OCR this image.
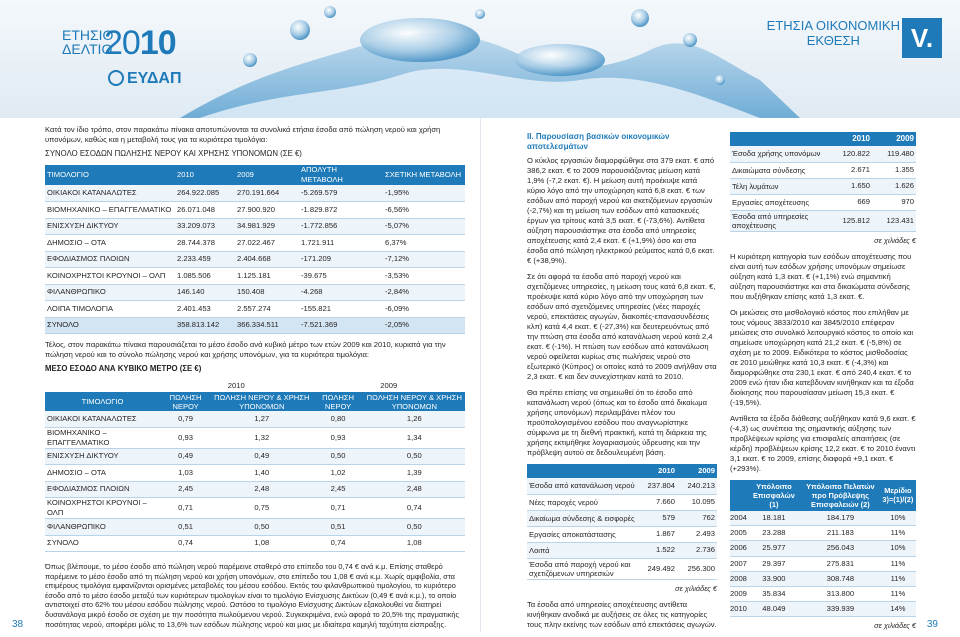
ΕΤΗΣΙΟ
ΔΕΛΤΙΟ
2010
ΕΥΔΑΠ
ΕΤΗΣΙΑ ΟΙΚΟΝΟΜΙΚΗ
ΕΚΘΕΣΗ	V.
Κατά τον ίδιο τρόπο, στον παρακάτω πίνακα αποτυπώνονται τα συνολικά ετήσια έσοδα από πώληση νερού και χρήση υπονόμων, καθώς και η μεταβολή τους για τα κυριότερα τιμολόγια:
ΣΥΝΟΛΟ ΕΣΟΔΩΝ ΠΩΛΗΣΗΣ ΝΕΡΟΥ ΚΑΙ ΧΡΗΣΗΣ ΥΠΟΝΟΜΩΝ (ΣΕ €)
ΤΙΜΟΛΟΓΙΟ	2010	2009	ΑΠΟΛΥΤΗ ΜΕΤΑΒΟΛΗ	ΣΧΕΤΙΚΗ ΜΕΤΑΒΟΛΗ
ΟΙΚΙΑΚΟΙ ΚΑΤΑΝΑΛΩΤΕΣ	264.922.085	270.191.664	-5.269.579	-1,95%
ΒΙΟΜΗΧΑΝΙΚΟ – ΕΠΑΓΓΕΛΜΑΤΙΚΟ	26.071.048	27.900.920	-1.829.872	-6,56%
ΕΝΙΣΧΥΣΗ ΔΙΚΤΥΟΥ	33.209.073	34.981.929	-1.772.856	-5,07%
ΔΗΜΟΣΙΟ – ΟΤΑ	28.744.378	27.022.467	1.721.911	6,37%
ΕΦΟΔΙΑΣΜΟΣ ΠΛΟΙΩΝ	2.233.459	2.404.668	-171.209	-7,12%
ΚΟΙΝΟΧΡΗΣΤΟΙ ΚΡΟΥΝΟΙ – ΟΛΠ	1.085.506	1.125.181	-39.675	-3,53%
ΦΙΛΑΝΘΡΩΠΙΚΟ	146.140	150.408	-4.268	-2,84%
ΛΟΙΠΑ ΤΙΜΟΛΟΓΙΑ	2.401.453	2.557.274	-155.821	-6,09%
ΣΥΝΟΛΟ	358.813.142	366.334.511	-7.521.369	-2,05%
Τέλος, στον παρακάτω πίνακα παρουσιάζεται το μέσο έσοδο ανά κυβικό μέτρο των ετών 2009 και 2010, κυριατά για την πώληση νερού και το σύνολο πώλησης νερού και χρήσης υπονόμων, για τα κυριότερα τιμολόγια:
ΜΕΣΟ ΕΣΟΔΟ ΑΝΑ ΚΥΒΙΚΟ ΜΕΤΡΟ (ΣΕ €)
	2010		2009	
ΤΙΜΟΛΟΓΙΟ	ΠΩΛΗΣΗ ΝΕΡΟΥ	ΠΩΛΗΣΗ ΝΕΡΟΥ & ΧΡΗΣΗ ΥΠΟΝΟΜΩΝ	ΠΩΛΗΣΗ ΝΕΡΟΥ	ΠΩΛΗΣΗ ΝΕΡΟΥ & ΧΡΗΣΗ ΥΠΟΝΟΜΩΝ
ΟΙΚΙΑΚΟΙ ΚΑΤΑΝΑΛΩΤΕΣ	0,79	1,27	0,80	1,26
ΒΙΟΜΗΧΑΝΙΚΟ – ΕΠΑΓΓΕΛΜΑΤΙΚΟ	0,93	1,32	0,93	1,34
ΕΝΙΣΧΥΣΗ ΔΙΚΤΥΟΥ	0,49	0,49	0,50	0,50
ΔΗΜΟΣΙΟ – ΟΤΑ	1,03	1,40	1,02	1,39
ΕΦΟΔΙΑΣΜΟΣ ΠΛΟΙΩΝ	2,45	2,48	2,45	2,48
ΚΟΙΝΟΧΡΗΣΤΟΙ ΚΡΟΥΝΟΙ – ΟΛΠ	0,71	0,75	0,71	0,74
ΦΙΛΑΝΘΡΩΠΙΚΟ	0,51	0,50	0,51	0,50
ΣΥΝΟΛΟ	0,74	1,08	0,74	1,08
Όπως βλέπουμε, το μέσο έσοδο από πώληση νερού παρέμεινε σταθερό στο επίπεδο του 0,74 € ανά κ.μ. Επίσης σταθερό παρέμεινε το μέσο έσοδο από τη πώληση νερού και χρήση υπονόμων, στο επίπεδο του 1,08 € ανά κ.μ. Χωρίς αμφιβολία, στα επιμέρους τιμολόγια εμφανίζονται ορισμένες μεταβολές του μέσου εσόδου. Εκτός του φιλανθρωπικού τιμολογίου, το κυριότερο έσοδο από το μέσο έσοδο μεταξύ των κυριότερων τιμολογίων είναι το τιμολόγιο Ενίσχυσης Δικτύων (0,49 € ανά κ.μ.), το οποίο αντιστοιχεί στο 62% του μέσου εσόδου πώλησης νερού. Ωστόσο το τιμολόγιο Ενίσχυσης Δικτύων εξακολουθεί να διατηρεί δυσανάλογα μικρό έσοδο σε σχέση με την ποσότητα πωλούμενου νερού. Συγκεκριμένα, ενώ αφορά το 20,5% της πραγματικής ποσότητας νερού, αποφέρει μόλις το 13,6% των εσόδων πώλησης νερού και μιας με ιδιαίτερα καμηλή ταχύτητα είσπραξης.
ΙΙ. Παρουσίαση βασικών οικονομικών αποτελεσμάτων

Ο κύκλος εργασιών διαμορφώθηκε στα 379 εκατ. € από 386,2 εκατ. € το 2009 παρουσιάζοντας μείωση κατά 1,9% (-7,2 εκατ. €). Η μείωση αυτή προέκυψε κατά κύριο λόγο από την υποχώρηση κατά 6,8 εκατ. € των εσόδων από παροχή νερού και σκετιζόμενων εργασιών (-2,7%) και τη μείωση των εσόδων από κατασκευές έργων για τρίτους κατά 3,5 εκατ. € (-73,6%). Αντίθετα αύξηση παρουσιάστηκε στα έσοδα από υπηρεσίες αποχέτευσης κατά 2,4 εκατ. € (+1,9%) όσο και στα έσοδα από πώληση ηλεκτρικού ρεύματος κατά 0,6 εκατ. € (+38,9%).

Σε ότι αφορά τα έσοδα από παροχή νερού και σχετιζόμενες υπηρεσίες, η μείωση τους κατά 6,8 εκατ. €, προέκυψε κατά κύριο λόγο από την υποχώρηση των εσόδων από σχετιζόμενες υπηρεσίες (νέες παροχές νερού, επεκτάσεις αγωγών, διακοπές-επανασυνδέσεις κλπ) κατά 4,4 εκατ. € (-27,3%) και δευτερευόντως από την πτώση στα έσοδα από κατανάλωση νερού κατά 2,4 εκατ. € (-1%). Η πτώση των εσόδων από κατανάλωση νερού οφείλεται κυρίως στις πωλήσεις νερού στο εξωτερικό (Κύπρος) οι οποίες κατά το 2009 ανήλθαν στα 2,3 εκατ. € και δεν συνεχίστηκαν κατά το 2010.

Θα πρέπει επίσης να σημειωθεί ότι το έσοδο από κατανάλωση νερού (όπως και το έσοδο από δικαίωμα χρήσης υπονόμων) περιλαμβάνει πλέον του προϋπολογισμένου εσόδου που αναγνωρίστηκε σύμφωνα με τη διεθνή πρακτική, κατά τη διάρκεια της χρήσης εκτιμήθηκε λογαριασμούς ύδρευσης και την πρόβλεψη αυτού σε δεδουλευμένη βάση.

	2010	2009
Έσοδα από κατανάλωση νερού	237.804	240.213
Νέες παροχές νερού	7.660	10.095
Δικαίωμα σύνδεσης & εισφορές	579	762
Εργασίες αποκατάστασης	1.867	2.493
Λοιπά	1.522	2.736
Έσοδα από παροχή νερού και σχετιζόμενων υπηρεσιών	249.492	256.300
σε χιλιάδες €

Τα έσοδα από υπηρεσίες αποχέτευσης αντίθετα κινήθηκαν ανοδικά με αυξήσεις σε όλες τις κατηγορίες τους πλην εκείνης των εσόδων από επεκτάσεις αγωγών.

	2010	2009
Έσοδα χρήσης υπονόμων	120.822	119.480
Δικαιώματα σύνδεσης	2.671	1.355
Τέλη λυμάτων	1.650	1.626
Εργασίες αποχέτευσης	669	970
Έσοδα από υπηρεσίες αποχέτευσης	125.812	123.431
σε χιλιάδες €

Η κυριότερη κατηγορία των εσόδων αποχέτευσης που είναι αυτή των εσόδων χρήσης υπονόμων σημείωσε αύξηση κατά 1,3 εκατ. € (+1,1%) ενώ σημαντική αύξηση παρουσιάστηκε και στα δικαιώματα σύνδεσης που αυξήθηκαν επίσης κατά 1,3 εκατ. €.

Οι μειώσεις στο μισθολογικό κόστος που επιλήθαν με τους νόμους 3833/2010 και 3845/2010 επέφεραν μειώσεις στο συνολικό λειτουργικό κόστος το οποίο και σημείωσε υποχώρηση κατά 21,2 εκατ. € (-5,8%) σε σχέση με το 2009. Ειδικότερα το κόστος μισθοδοσίας σε 2010 μειώθηκε κατά 10,3 εκατ. € (-4,3%) και διαμορφώθηκε στα 230,1 εκατ. € από 240,4 εκατ. € το 2009 ενώ ήταν ιδια κατεβδυναν κινήθηκαν και τα έξοδα διοίκησης που παρουσίασαν μείωση 15,3 εκατ. € (-19,5%).

Αντίθετα τα έξοδα διάθεσης αυξήθηκαν κατά 9,6 εκατ. € (-4,3) ως συνέπεια της σημαντικής αύξησης των προβλέψεων κρίσης για επισφαλείς απαιτήσεις (σε κέρδη) προβλέψεων κρίσης 12,2 εκατ. € το 2010 έναντι 3,1 εκατ. € το 2009, επίσης διαφορά +9,1 εκατ. € (+293%).

	Υπόλοιπο Επισφαλών (1)	Υπόλοιπο Πελατών προ Πρόβλεψης Επισφαλειών (2)	Μερίδιο 3)=(1)/(2)
2004	18.181	184.179	10%
2005	23.288	211.183	11%
2006	25.977	256.043	10%
2007	29.397	275.831	11%
2008	33.900	308.748	11%
2009	35.834	313.800	11%
2010	48.049	339.939	14%
σε χιλιάδες €
38	39
